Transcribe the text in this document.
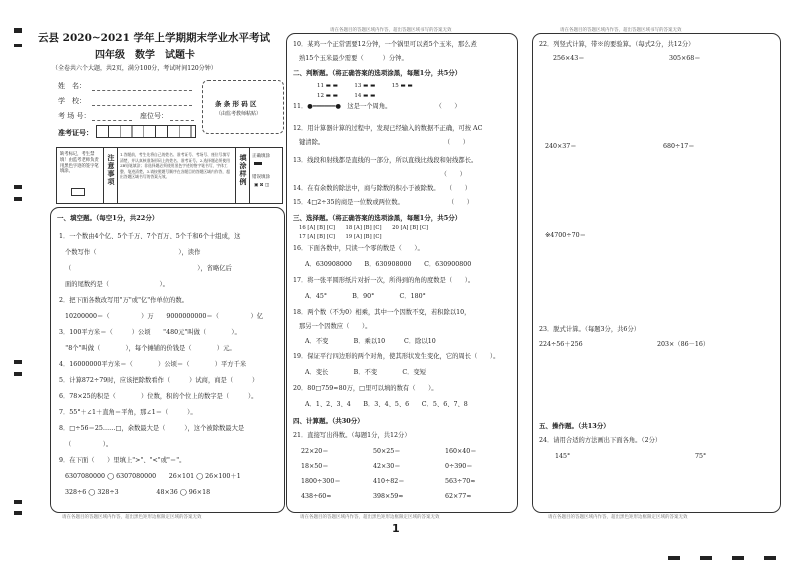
云县 2020~2021 学年上学期期末学业水平考试
四年级　数学　试题卡
（全卷共六个大题，共2页，满分100分，考试时间120分钟）
姓　名：
学　校：
考 场 号：	座位号：
准考证号：
条 条 形 码 区
（由监考教师粘贴）
缺考标记，考生禁填！由监考老师负责用黑色字迹的签字笔填涂。	注意事项 1.答题前，考生先将自己的姓名、准考证号、考场号、座位号填写清楚，并认真核准条形码上的姓名、准考证号。2.选择题必须使用2B铅笔填涂；非选择题必须使用黑色字迹的签字笔书写，字体工整、笔迹清楚。3.请按照题号顺序在各题目的答题区域内作答，超出答题区域书写的答案无效。	填涂样例 正确填涂
错误填涂
▣ ⊠ ◫
一、填空题。（每空1分，共22分）
1．一个数由4个亿、5个千万、7个百万、5个千和6个十组成，这
个数写作（　　　　　　　　　　　　　），读作
（　　　　　　　　　　　　　　　　　　　　），省略亿后
面的尾数约是（　　　　　　　　）。
2．把下面各数改写用"万"或"亿"作单位的数。
10200000＝（　　　　　）万　　9000000000＝（　　　　　）亿
3．100平方米＝（　　　）公顷　　"480元"叫做（　　　　）。
　"8个"叫做（　　　　），每个摊铺的价钱是（　　　　）元。
4．16000000平方米＝（　　　　）公顷＝（　　　　）平方千米
5．计算872÷79时，应该把除数看作（　　　）试商，商是（　　　）
6．78×25的积是（　　　　）位数，积的个位上的数字是（　　　）。
7．55°＋∠1＋直角＝平角，那∠1＝（　　　）。
8．□÷56＝25……□，余数最大是（　　　），这个被除数最大是
（　　　　　）。
9．在下面（　　）里填上">"、"<"或"＝"。
6307080000 ◯ 6307080000　　26×101 ◯ 26×100＋1
328÷6 ◯ 328÷3　　　　　　48×36 ◯ 96×18
请在各题目的答题区域内作答，超出黑色矩形边框限定区域的答案无效
请在各题目的答题区域内作答，超出答题区域书写的答案无效
10．某鸡一个正常需要12分钟，一个锅里可以煮5个玉米，那么煮
熟15个玉米最少需要（　　　）分钟。
二、判断题。（将正确答案的选项涂黑，每题1分，共5分）
11 ▬ ▬　　　13 ▬ ▬　　　15 ▬ ▬
12 ▬ ▬　　　14 ▬ ▬
11．●━━━━━━●　这是一个周角。　　　　　　　　（　　）
12．用计算器计算的过程中，发现已经输入的数据不正确，可按 AC
键清除。　　　　　　　　　　　　　　　　　　　　（　　）
13．线段和射线都是直线的一部分，所以直线比线段和射线都长。
　　　　　　　　　　　　　　　　　　　　　　　（　　）
14．在有余数的除法中，商与除数的积小于被除数。　　（　　）
15．4□2÷35的商是一位数或两位数。　　　　　　　　（　　）
三、选择题。（将正确答案的选项涂黑，每题1分，共5分）
16 [A] [B] [C]　　18 [A] [B] [C]　　20 [A] [B] [C]
17 [A] [B] [C]　　19 [A] [B] [C]
16．下面各数中，只读一个零的数是（　　）。
A．630908000　　B．630908000　　C．630900800
17．将一张平圆形纸片对折一次，所得到的角的度数是（　　）。
A．45°　　　　B．90°　　　　C．180°
18．两个数（不为0）相乘，其中一个因数不变，若积除以10，
那另一个因数应（　　）。
A．不变　　　　B．乘以10　　　C．除以10
19．保证平行四边形的两个对角，使其形状发生变化，它的周长（　　）。
A．变长　　　　B．不变　　　　C．变短
20．80□759≈80万，□里可以填的数有（　　）。
A．1、2、3、4　　B．3、4、5、6　　C．5、6、7、8
四、计算题。（共30分）
21．直接写出得数。（每题1分，共12分）
22×20＝	50×25＝	160×40＝
18×50＝	42×30＝	0÷390＝
1800÷300＝	410÷82＝	563÷70≈
438÷60≈	398×59≈	62×77≈
请在各题目的答题区域内作答，超出黑色矩形边框限定区域的答案无效
1
请在各题目的答题区域内作答，超出答题区域书写的答案无效
22．列竖式计算，带※的要验算。（每式2分，共12分）
256×43＝	305×68＝
240×37＝	680÷17＝
※4700÷70＝
23．脱式计算。（每题3分，共6分）
224÷56＋256	203×（86－16）
五、操作题。（共13分）
24．请用合适的方法画出下面各角。（2分）
145°	75°
请在各题目的答题区域内作答，超出黑色矩形边框限定区域的答案无效
